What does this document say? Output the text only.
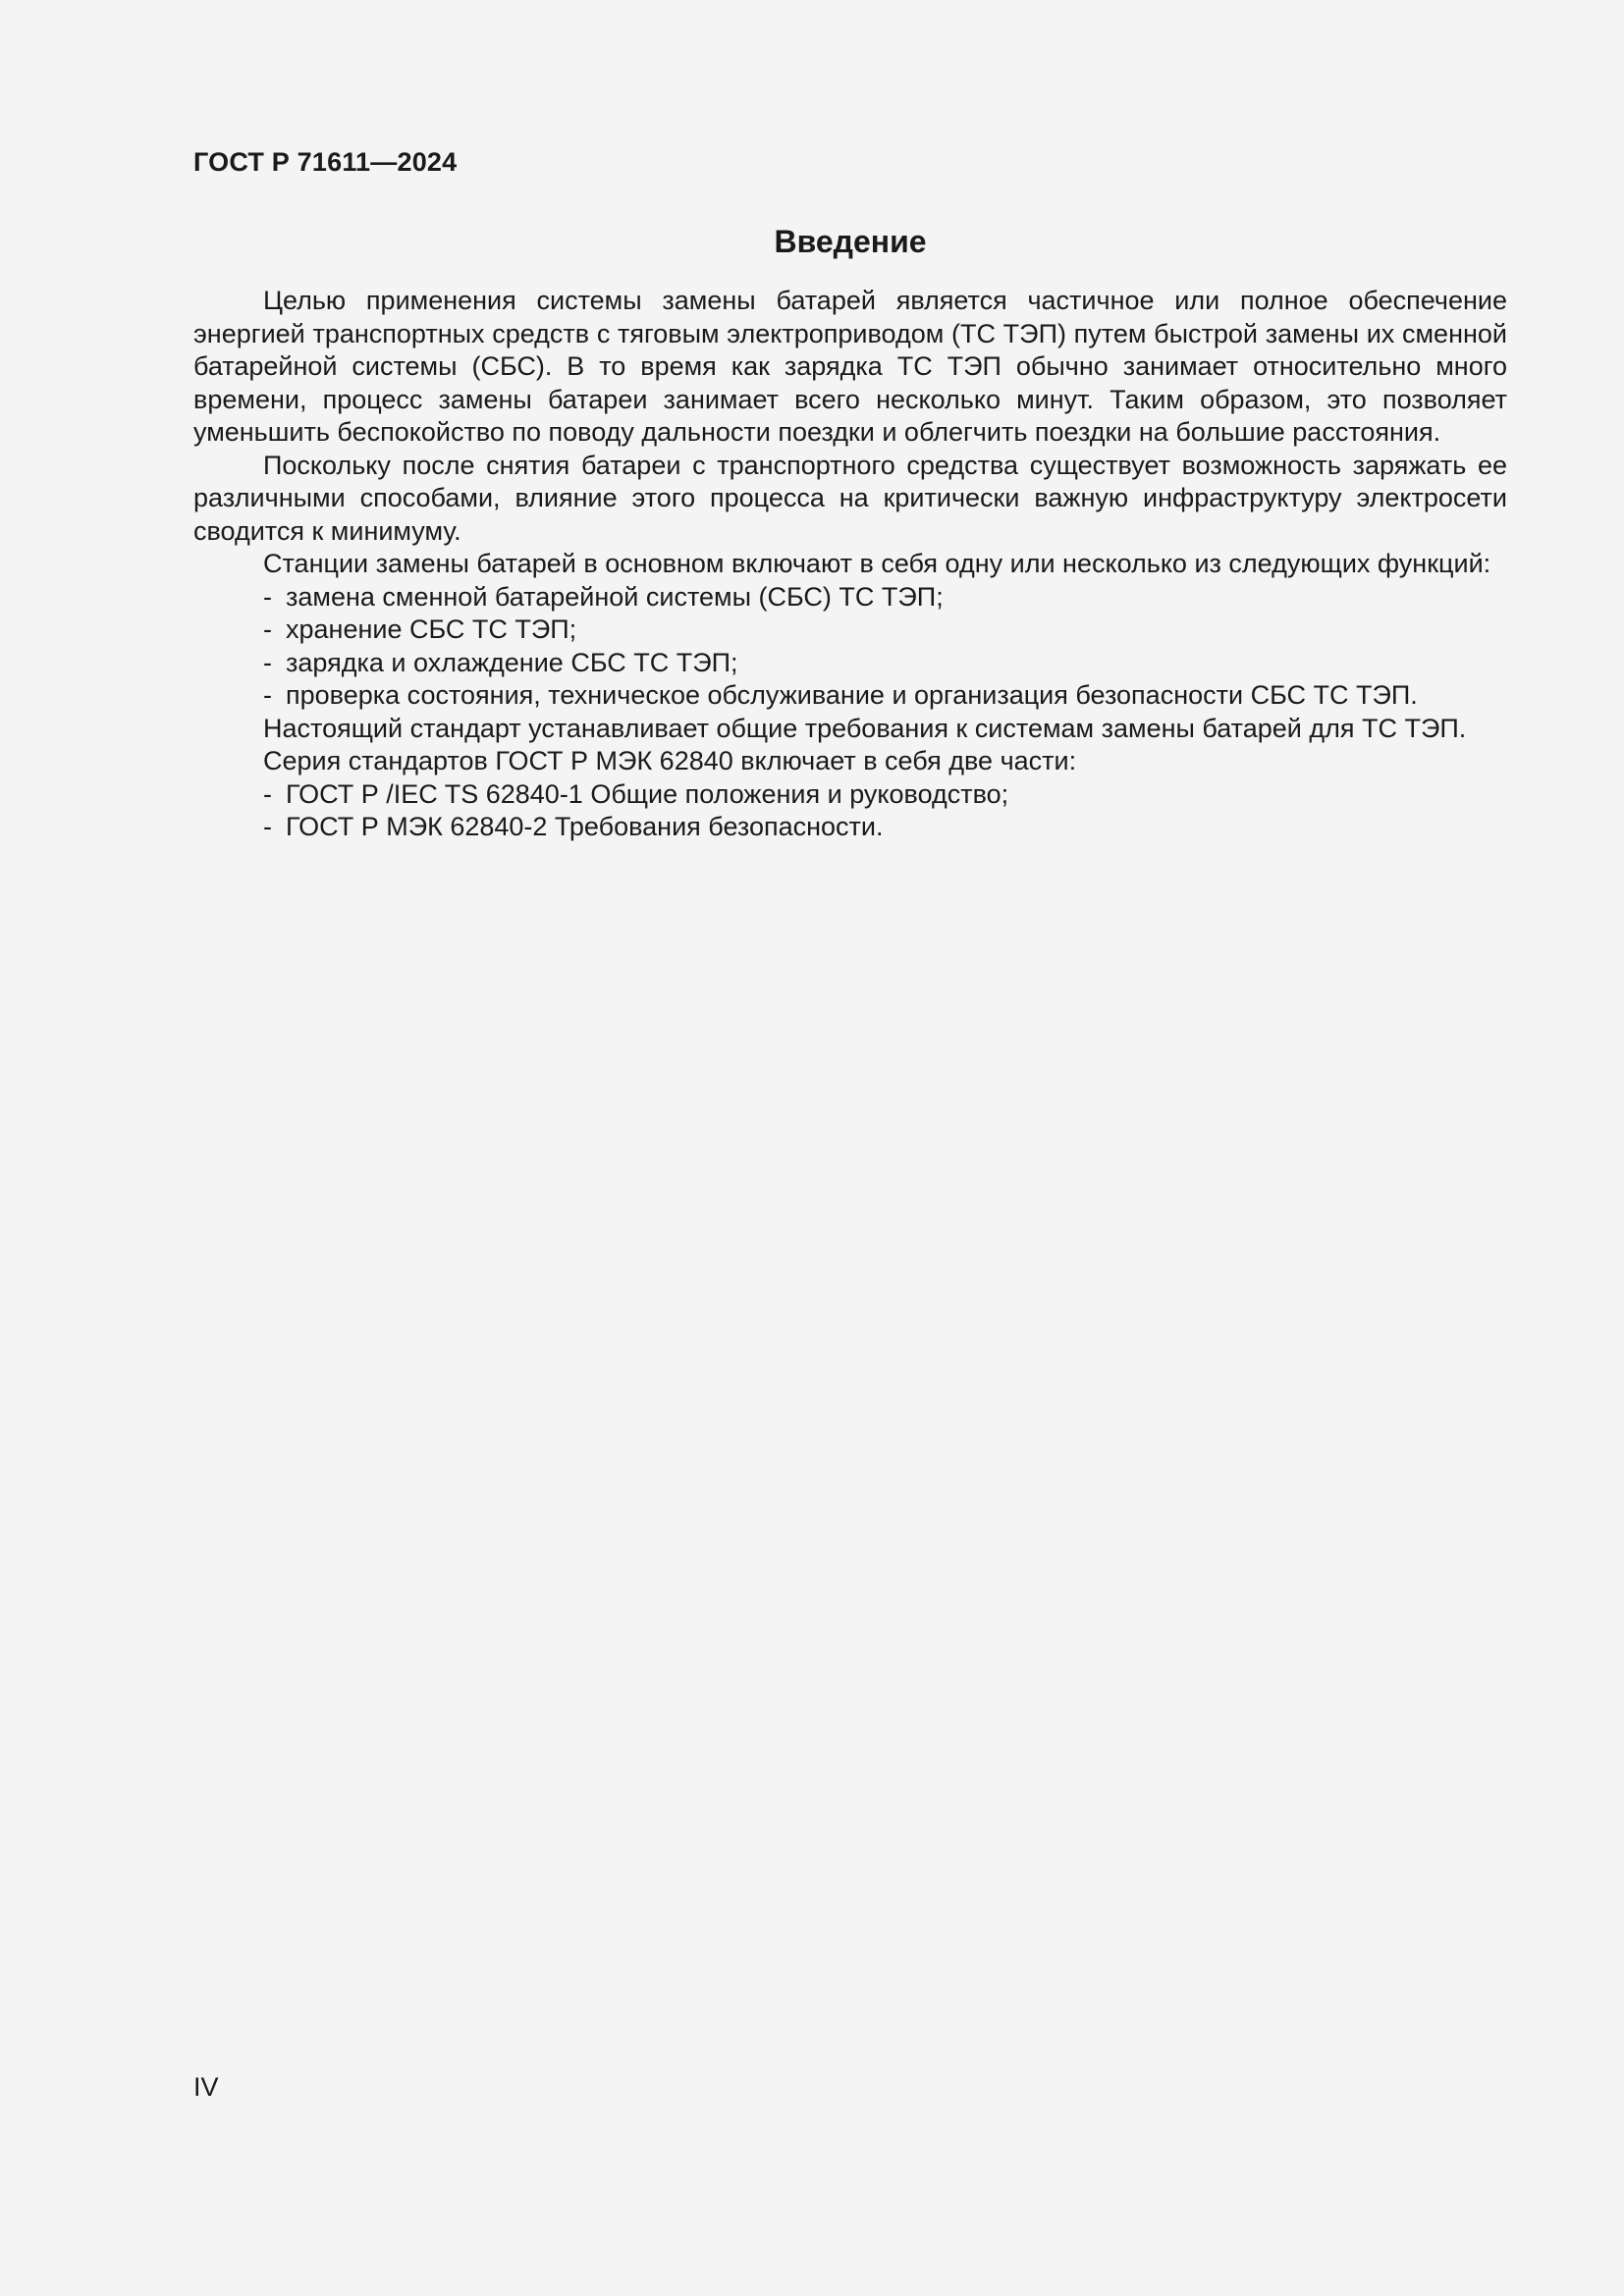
ГОСТ Р 71611—2024
Введение

Целью применения системы замены батарей является частичное или полное обеспечение энергией транспортных средств с тяговым электроприводом (ТС ТЭП) путем быстрой замены их сменной батарейной системы (СБС). В то время как зарядка ТС ТЭП обычно занимает относительно много времени, процесс замены батареи занимает всего несколько минут. Таким образом, это позволяет уменьшить беспокойство по поводу дальности поездки и облегчить поездки на большие расстояния.

Поскольку после снятия батареи с транспортного средства существует возможность заряжать ее различными способами, влияние этого процесса на критически важную инфраструктуру электросети сводится к минимуму.

Станции замены батарей в основном включают в себя одну или несколько из следующих функций:

- замена сменной батарейной системы (СБС) ТС ТЭП;
- хранение СБС ТС ТЭП;
- зарядка и охлаждение СБС ТС ТЭП;
- проверка состояния, техническое обслуживание и организация безопасности СБС ТС ТЭП.

Настоящий стандарт устанавливает общие требования к системам замены батарей для ТС ТЭП.

Серия стандартов ГОСТ Р МЭК 62840 включает в себя две части:

- ГОСТ Р /IEC TS 62840-1 Общие положения и руководство;
- ГОСТ Р МЭК 62840-2 Требования безопасности.
IV
